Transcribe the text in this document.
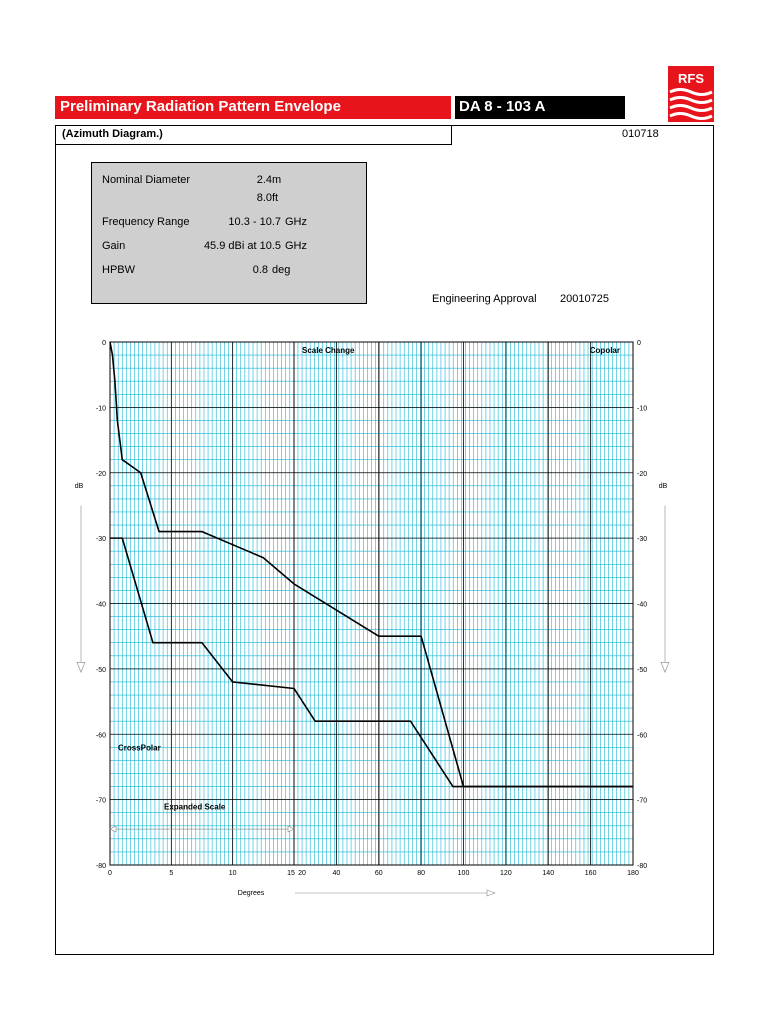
RFS
Preliminary Radiation Pattern Envelope	DA 8 - 103 A
(Azimuth Diagram.)	010718
Nominal Diameter	2.4 m
8.0 ft
Frequency Range	10.3 - 10.7 GHz
Gain	45.9 dBi at 10.5 GHz
HPBW	0.8 deg
Engineering Approval 20010725
0	0
-10	-10
-20	-20
-30	-30
-40	-40
-50	-50
-60	-60
-70	-70
-80	-80
0	5	10	15 20	40	60	80	100	120	140	160	180
dB	dB
Degrees
Scale Change	Copolar
CrossPolar
Expanded Scale
